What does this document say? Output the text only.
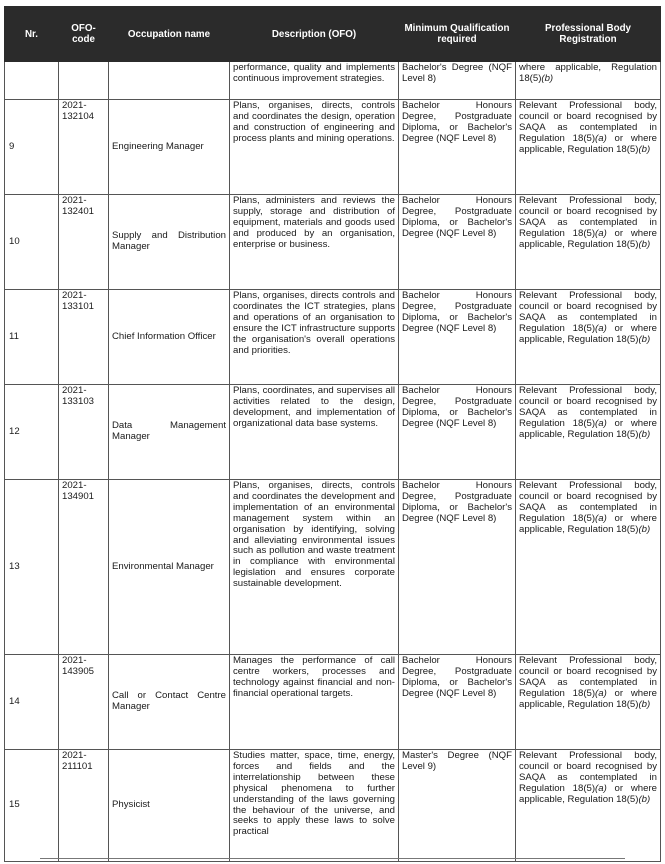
Nr.	OFO-code	Occupation name	Description (OFO)	Minimum Qualification required	Professional Body Registration
			performance, quality and implements continuous improvement strategies.	Bachelor's Degree (NQF Level 8)	where applicable, Regulation 18(5)(b)
9	2021-132104	Engineering Manager	Plans, organises, directs, controls and coordinates the design, operation and construction of engineering and process plants and mining operations.	Bachelor Honours Degree, Postgraduate Diploma, or Bachelor's Degree (NQF Level 8)	Relevant Professional body, council or board recognised by SAQA as contemplated in Regulation 18(5)(a) or where applicable, Regulation 18(5)(b)
10	2021-132401	Supply and Distribution Manager	Plans, administers and reviews the supply, storage and distribution of equipment, materials and goods used and produced by an organisation, enterprise or business.	Bachelor Honours Degree, Postgraduate Diploma, or Bachelor's Degree (NQF Level 8)	Relevant Professional body, council or board recognised by SAQA as contemplated in Regulation 18(5)(a) or where applicable, Regulation 18(5)(b)
11	2021-133101	Chief Information Officer	Plans, organises, directs controls and coordinates the ICT strategies, plans and operations of an organisation to ensure the ICT infrastructure supports the organisation's overall operations and priorities.	Bachelor Honours Degree, Postgraduate Diploma, or Bachelor's Degree (NQF Level 8)	Relevant Professional body, council or board recognised by SAQA as contemplated in Regulation 18(5)(a) or where applicable, Regulation 18(5)(b)
12	2021-133103	Data Management Manager	Plans, coordinates, and supervises all activities related to the design, development, and implementation of organizational data base systems.	Bachelor Honours Degree, Postgraduate Diploma, or Bachelor's Degree (NQF Level 8)	Relevant Professional body, council or board recognised by SAQA as contemplated in Regulation 18(5)(a) or where applicable, Regulation 18(5)(b)
13	2021-134901	Environmental Manager	Plans, organises, directs, controls and coordinates the development and implementation of an environmental management system within an organisation by identifying, solving and alleviating environmental issues such as pollution and waste treatment in compliance with environmental legislation and ensures corporate sustainable development.	Bachelor Honours Degree, Postgraduate Diploma, or Bachelor's Degree (NQF Level 8)	Relevant Professional body, council or board recognised by SAQA as contemplated in Regulation 18(5)(a) or where applicable, Regulation 18(5)(b)
14	2021-143905	Call or Contact Centre Manager	Manages the performance of call centre workers, processes and technology against financial and non-financial operational targets.	Bachelor Honours Degree, Postgraduate Diploma, or Bachelor's Degree (NQF Level 8)	Relevant Professional body, council or board recognised by SAQA as contemplated in Regulation 18(5)(a) or where applicable, Regulation 18(5)(b)
15	2021-211101	Physicist	Studies matter, space, time, energy, forces and fields and the interrelationship between these physical phenomena to further understanding of the laws governing the behaviour of the universe, and seeks to apply these laws to solve practical	Master's Degree (NQF Level 9)	Relevant Professional body, council or board recognised by SAQA as contemplated in Regulation 18(5)(a) or where applicable, Regulation 18(5)(b)
